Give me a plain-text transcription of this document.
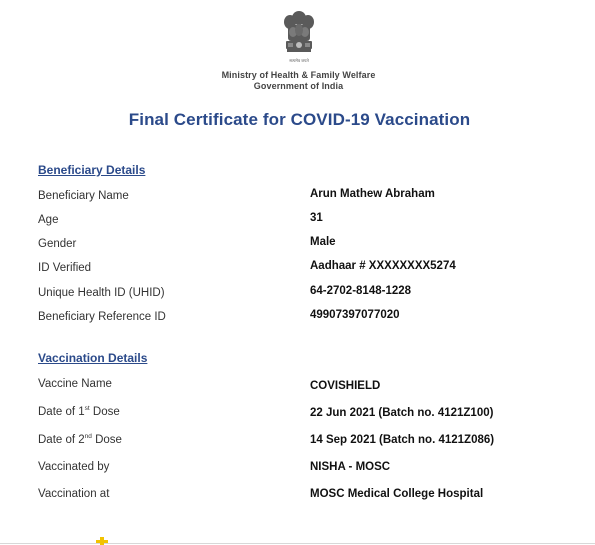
सत्यमेव जयते
Ministry of Health & Family Welfare
Government of India
Final Certificate for COVID-19 Vaccination
Beneficiary Details
Beneficiary Name	Arun Mathew Abraham
Age	31
Gender	Male
ID Verified	Aadhaar # XXXXXXXX5274
Unique Health ID (UHID)	64-2702-8148-1228
Beneficiary Reference ID	49907397077020
Vaccination Details
Vaccine Name	COVISHIELD
Date of 1st Dose	22 Jun 2021 (Batch no. 4121Z100)
Date of 2nd Dose	14 Sep 2021 (Batch no. 4121Z086)
Vaccinated by	NISHA - MOSC
Vaccination at	MOSC Medical College Hospital
